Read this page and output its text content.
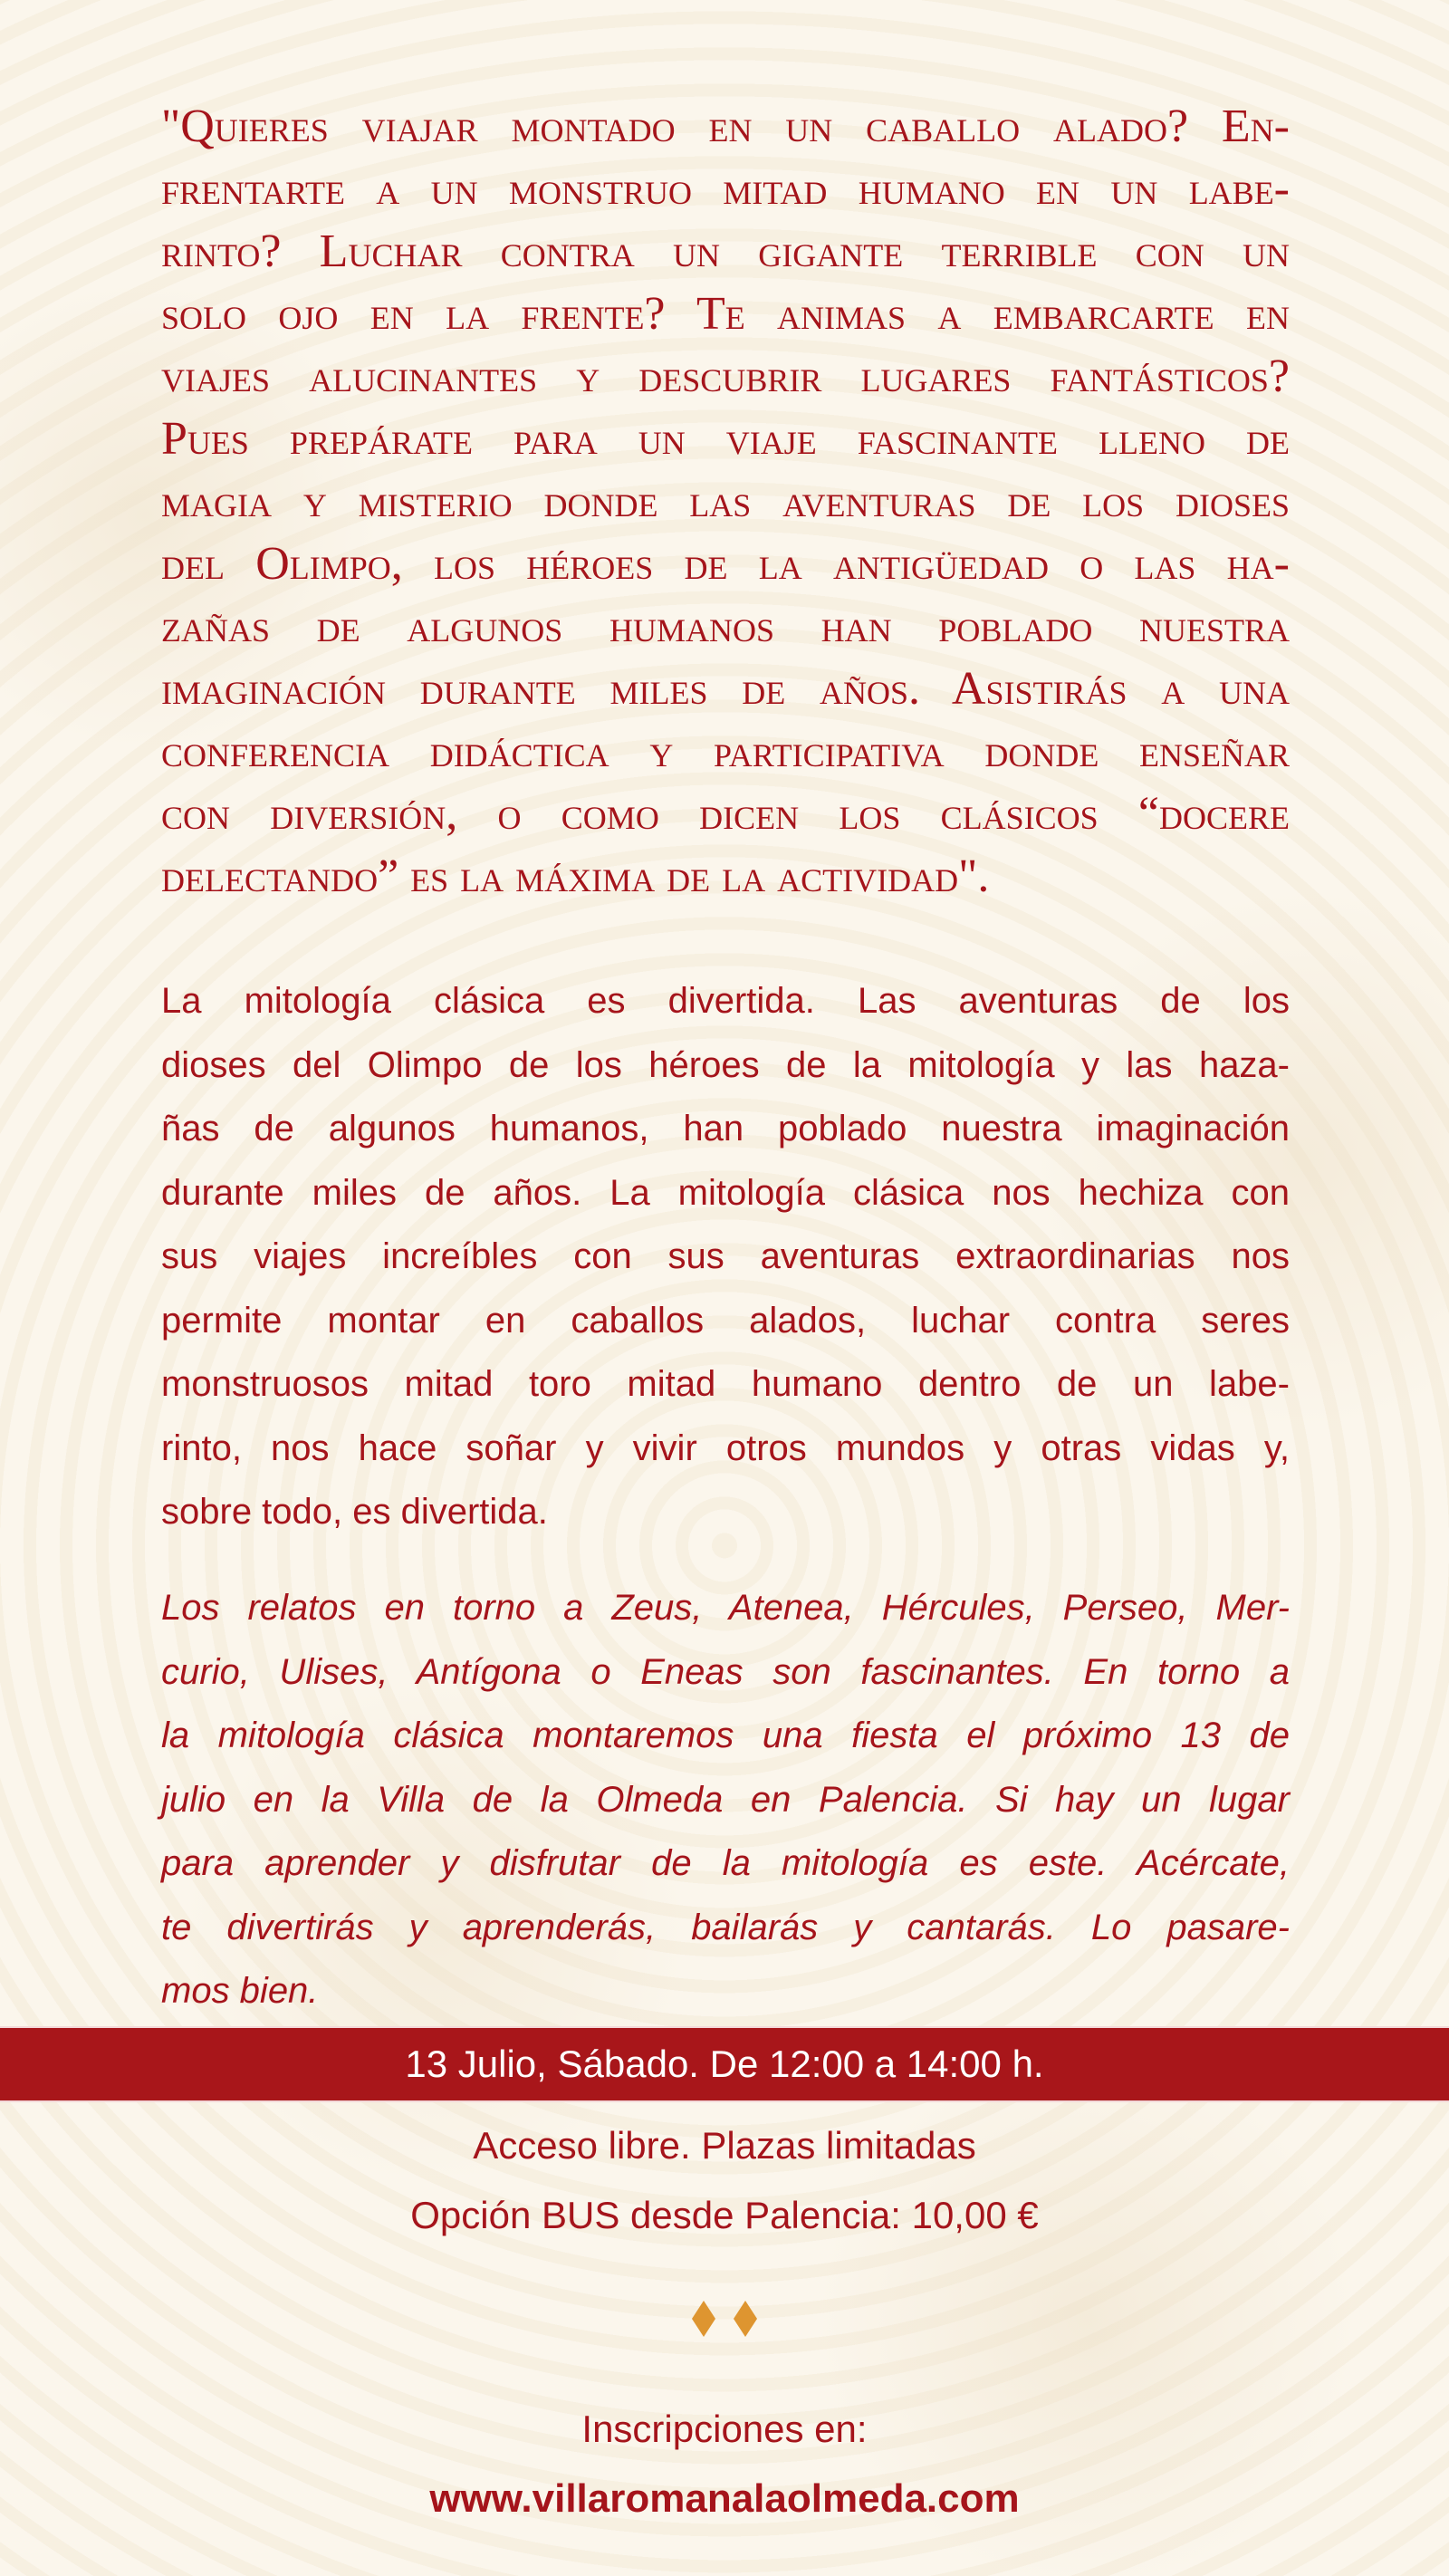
"Quieres viajar montado en un caballo alado? En-
frentarte a un monstruo mitad humano en un labe-
rinto? Luchar contra un gigante terrible con un
solo ojo en la frente? Te animas a embarcarte en
viajes alucinantes y descubrir lugares fantásticos?
Pues prepárate para un viaje fascinante lleno de
magia y misterio donde las aventuras de los dioses
del Olimpo, los héroes de la antigüedad o las ha-
zañas de algunos humanos han poblado nuestra
imaginación durante miles de años. Asistirás a una
conferencia didáctica y participativa donde enseñar
con diversión, o como dicen los clásicos “docere
delectando” es la máxima de la actividad".
La mitología clásica es divertida. Las aventuras de los
dioses del Olimpo de los héroes de la mitología y las haza-
ñas de algunos humanos, han poblado nuestra imaginación
durante miles de años. La mitología clásica nos hechiza con
sus viajes increíbles con sus aventuras extraordinarias nos
permite montar en caballos alados, luchar contra seres
monstruosos mitad toro mitad humano dentro de un labe-
rinto, nos hace soñar y vivir otros mundos y otras vidas y,
sobre todo, es divertida.
Los relatos en torno a Zeus, Atenea, Hércules, Perseo, Mer-
curio, Ulises, Antígona o Eneas son fascinantes. En torno a
la mitología clásica montaremos una fiesta el próximo 13 de
julio en la Villa de la Olmeda en Palencia. Si hay un lugar
para aprender y disfrutar de la mitología es este. Acércate,
te divertirás y aprenderás, bailarás y cantarás. Lo pasare-
mos bien.
13 Julio, Sábado. De 12:00 a 14:00 h.
Acceso libre. Plazas limitadas
Opción BUS desde Palencia: 10,00 €
Inscripciones en:
www.villaromanalaolmeda.com
